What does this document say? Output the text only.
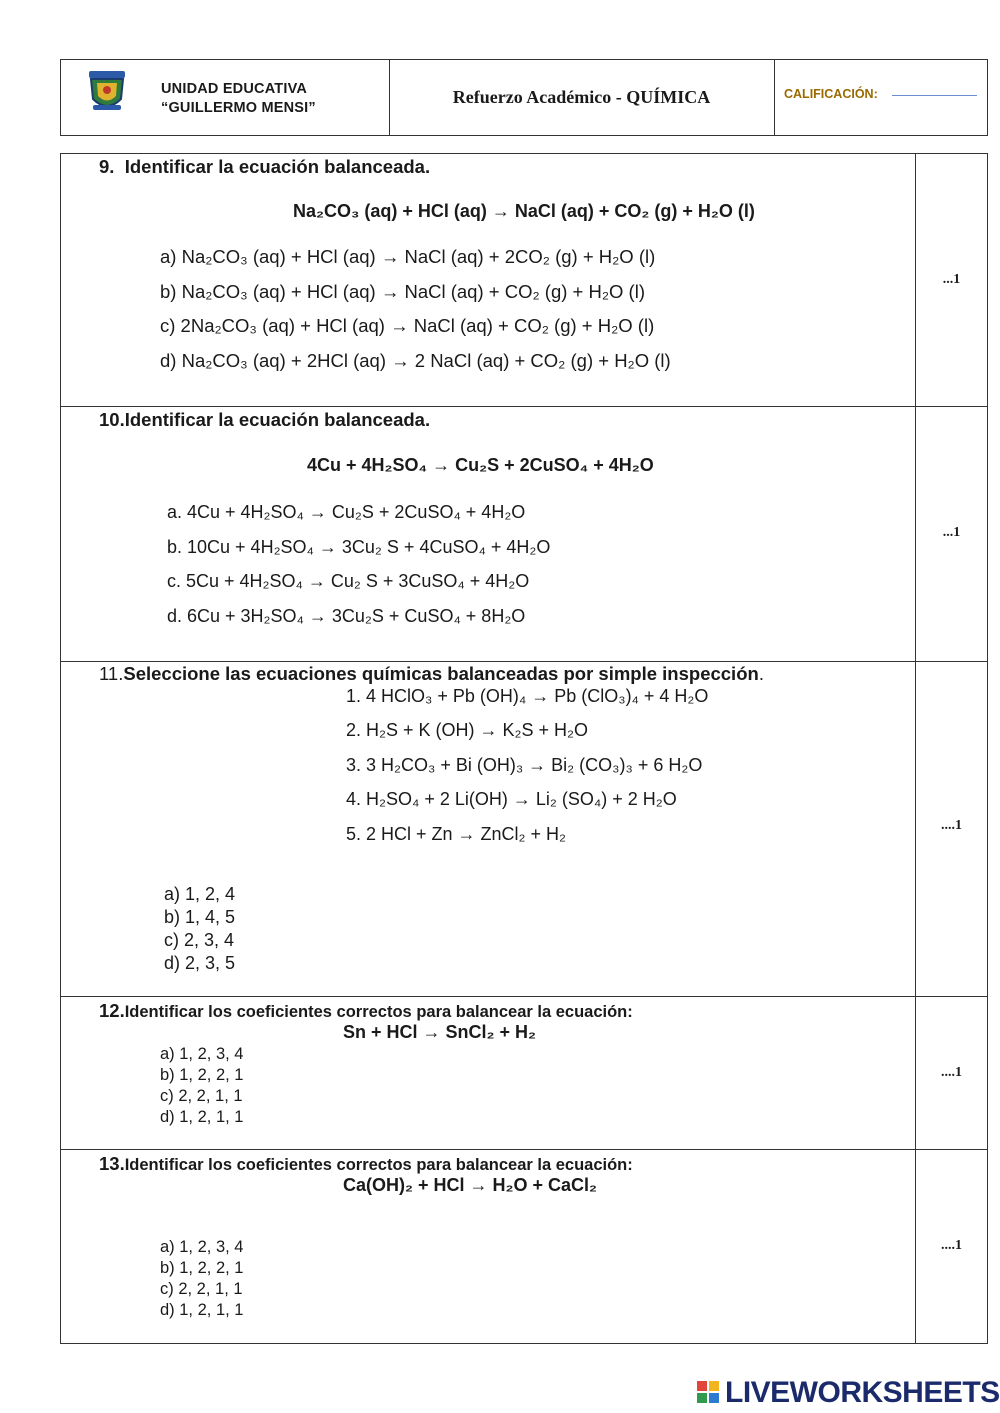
UNIDAD EDUCATIVA
“GUILLERMO MENSI”
Refuerzo Académico - QUÍMICA	CALIFICACIÓN:
9. Identificar la ecuación balanceada.
Na₂CO₃ (aq) + HCl (aq) → NaCl (aq) + CO₂ (g) + H₂O (l)
a) Na₂CO₃ (aq) + HCl (aq) → NaCl (aq) + 2CO₂ (g) + H₂O (l)
b) Na₂CO₃ (aq) + HCl (aq) → NaCl (aq) + CO₂ (g) + H₂O (l)
c) 2Na₂CO₃ (aq) + HCl (aq) → NaCl (aq) + CO₂ (g) + H₂O (l)
d) Na₂CO₃ (aq) + 2HCl (aq) → 2 NaCl (aq) + CO₂ (g) + H₂O (l)
...1
10.Identificar la ecuación balanceada.
4Cu + 4H₂SO₄ → Cu₂S + 2CuSO₄ + 4H₂O
a. 4Cu + 4H₂SO₄ → Cu₂S + 2CuSO₄ + 4H₂O
b. 10Cu + 4H₂SO₄ → 3Cu₂ S + 4CuSO₄ + 4H₂O
c. 5Cu + 4H₂SO₄ → Cu₂ S + 3CuSO₄ + 4H₂O
d. 6Cu + 3H₂SO₄ → 3Cu₂S + CuSO₄ + 8H₂O
...1
11.Seleccione las ecuaciones químicas balanceadas por simple inspección.
1. 4 HClO₃ + Pb (OH)₄ → Pb (ClO₃)₄ + 4 H₂O
2. H₂S + K (OH) → K₂S + H₂O
3. 3 H₂CO₃ + Bi (OH)₃ → Bi₂ (CO₃)₃ + 6 H₂O
4. H₂SO₄ + 2 Li(OH) → Li₂ (SO₄) + 2 H₂O
5. 2 HCl + Zn → ZnCl₂ + H₂
a) 1, 2, 4
b) 1, 4, 5
c) 2, 3, 4
d) 2, 3, 5
....1
12.Identificar los coeficientes correctos para balancear la ecuación:
Sn + HCl → SnCl₂ + H₂
a) 1, 2, 3, 4
b) 1, 2, 2, 1
c) 2, 2, 1, 1
d) 1, 2, 1, 1
....1
13.Identificar los coeficientes correctos para balancear la ecuación:
Ca(OH)₂ + HCl → H₂O + CaCl₂
a) 1, 2, 3, 4
b) 1, 2, 2, 1
c) 2, 2, 1, 1
d) 1, 2, 1, 1
....1
LIVEWORKSHEETS
